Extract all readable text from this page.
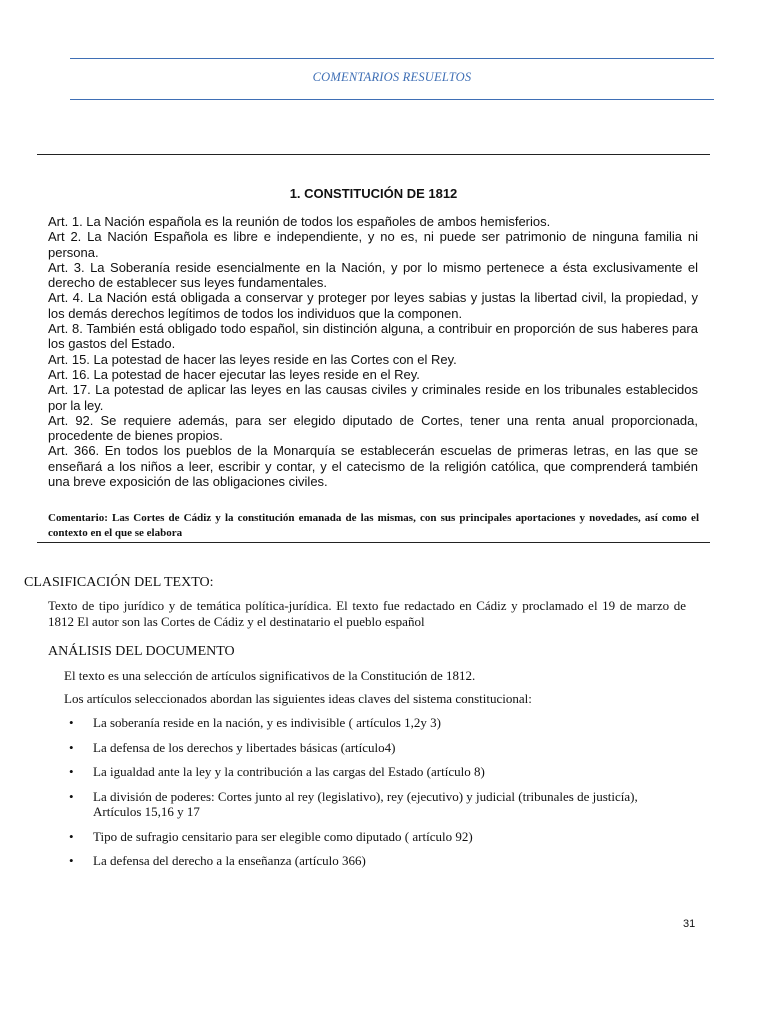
COMENTARIOS RESUELTOS
1. CONSTITUCIÓN DE 1812

Art. 1. La Nación española es la reunión de todos los españoles de ambos hemisferios.

Art 2. La Nación Española es libre e independiente, y no es, ni puede ser patrimonio de ninguna familia ni persona.

Art. 3. La Soberanía reside esencialmente en la Nación, y por lo mismo pertenece a ésta exclusivamente el derecho de establecer sus leyes fundamentales.

Art. 4. La Nación está obligada a conservar y proteger por leyes sabias y justas la libertad civil, la propiedad, y los demás derechos legítimos de todos los individuos que la componen.

Art. 8. También está obligado todo español, sin distinción alguna, a contribuir en proporción de sus haberes para los gastos del Estado.

Art. 15. La potestad de hacer las leyes reside en las Cortes con el Rey.

Art. 16. La potestad de hacer ejecutar las leyes reside en el Rey.

Art. 17. La potestad de aplicar las leyes en las causas civiles y criminales reside en los tribunales establecidos por la ley.

Art. 92. Se requiere además, para ser elegido diputado de Cortes, tener una renta anual proporcionada, procedente de bienes propios.

Art. 366. En todos los pueblos de la Monarquía se establecerán escuelas de primeras letras, en las que se enseñará a los niños a leer, escribir y contar, y el catecismo de la religión católica, que comprenderá también una breve exposición de las obligaciones civiles.

Comentario: Las Cortes de Cádiz y la constitución emanada de las mismas, con sus principales aportaciones y novedades, así como el contexto en el que se elabora
CLASIFICACIÓN DEL TEXTO:
Texto de tipo jurídico y de temática política-jurídica. El texto fue redactado en Cádiz y proclamado el 19 de marzo de 1812 El autor son las Cortes de Cádiz y el destinatario el pueblo español
ANÁLISIS DEL DOCUMENTO
El texto es una selección de artículos significativos de la Constitución de 1812.
Los artículos seleccionados abordan las siguientes ideas claves del sistema constitucional:
• La soberanía reside en la nación, y es indivisible ( artículos 1,2y 3)
• La defensa de los derechos y libertades básicas (artículo4)
• La igualdad ante la ley y la contribución a las cargas del Estado (artículo 8)
• La división de poderes: Cortes junto al rey (legislativo), rey (ejecutivo) y judicial (tribunales de justicía), Artículos 15,16 y 17
• Tipo de sufragio censitario para ser elegible como diputado ( artículo 92)
• La defensa del derecho a la enseñanza (artículo 366)
31
